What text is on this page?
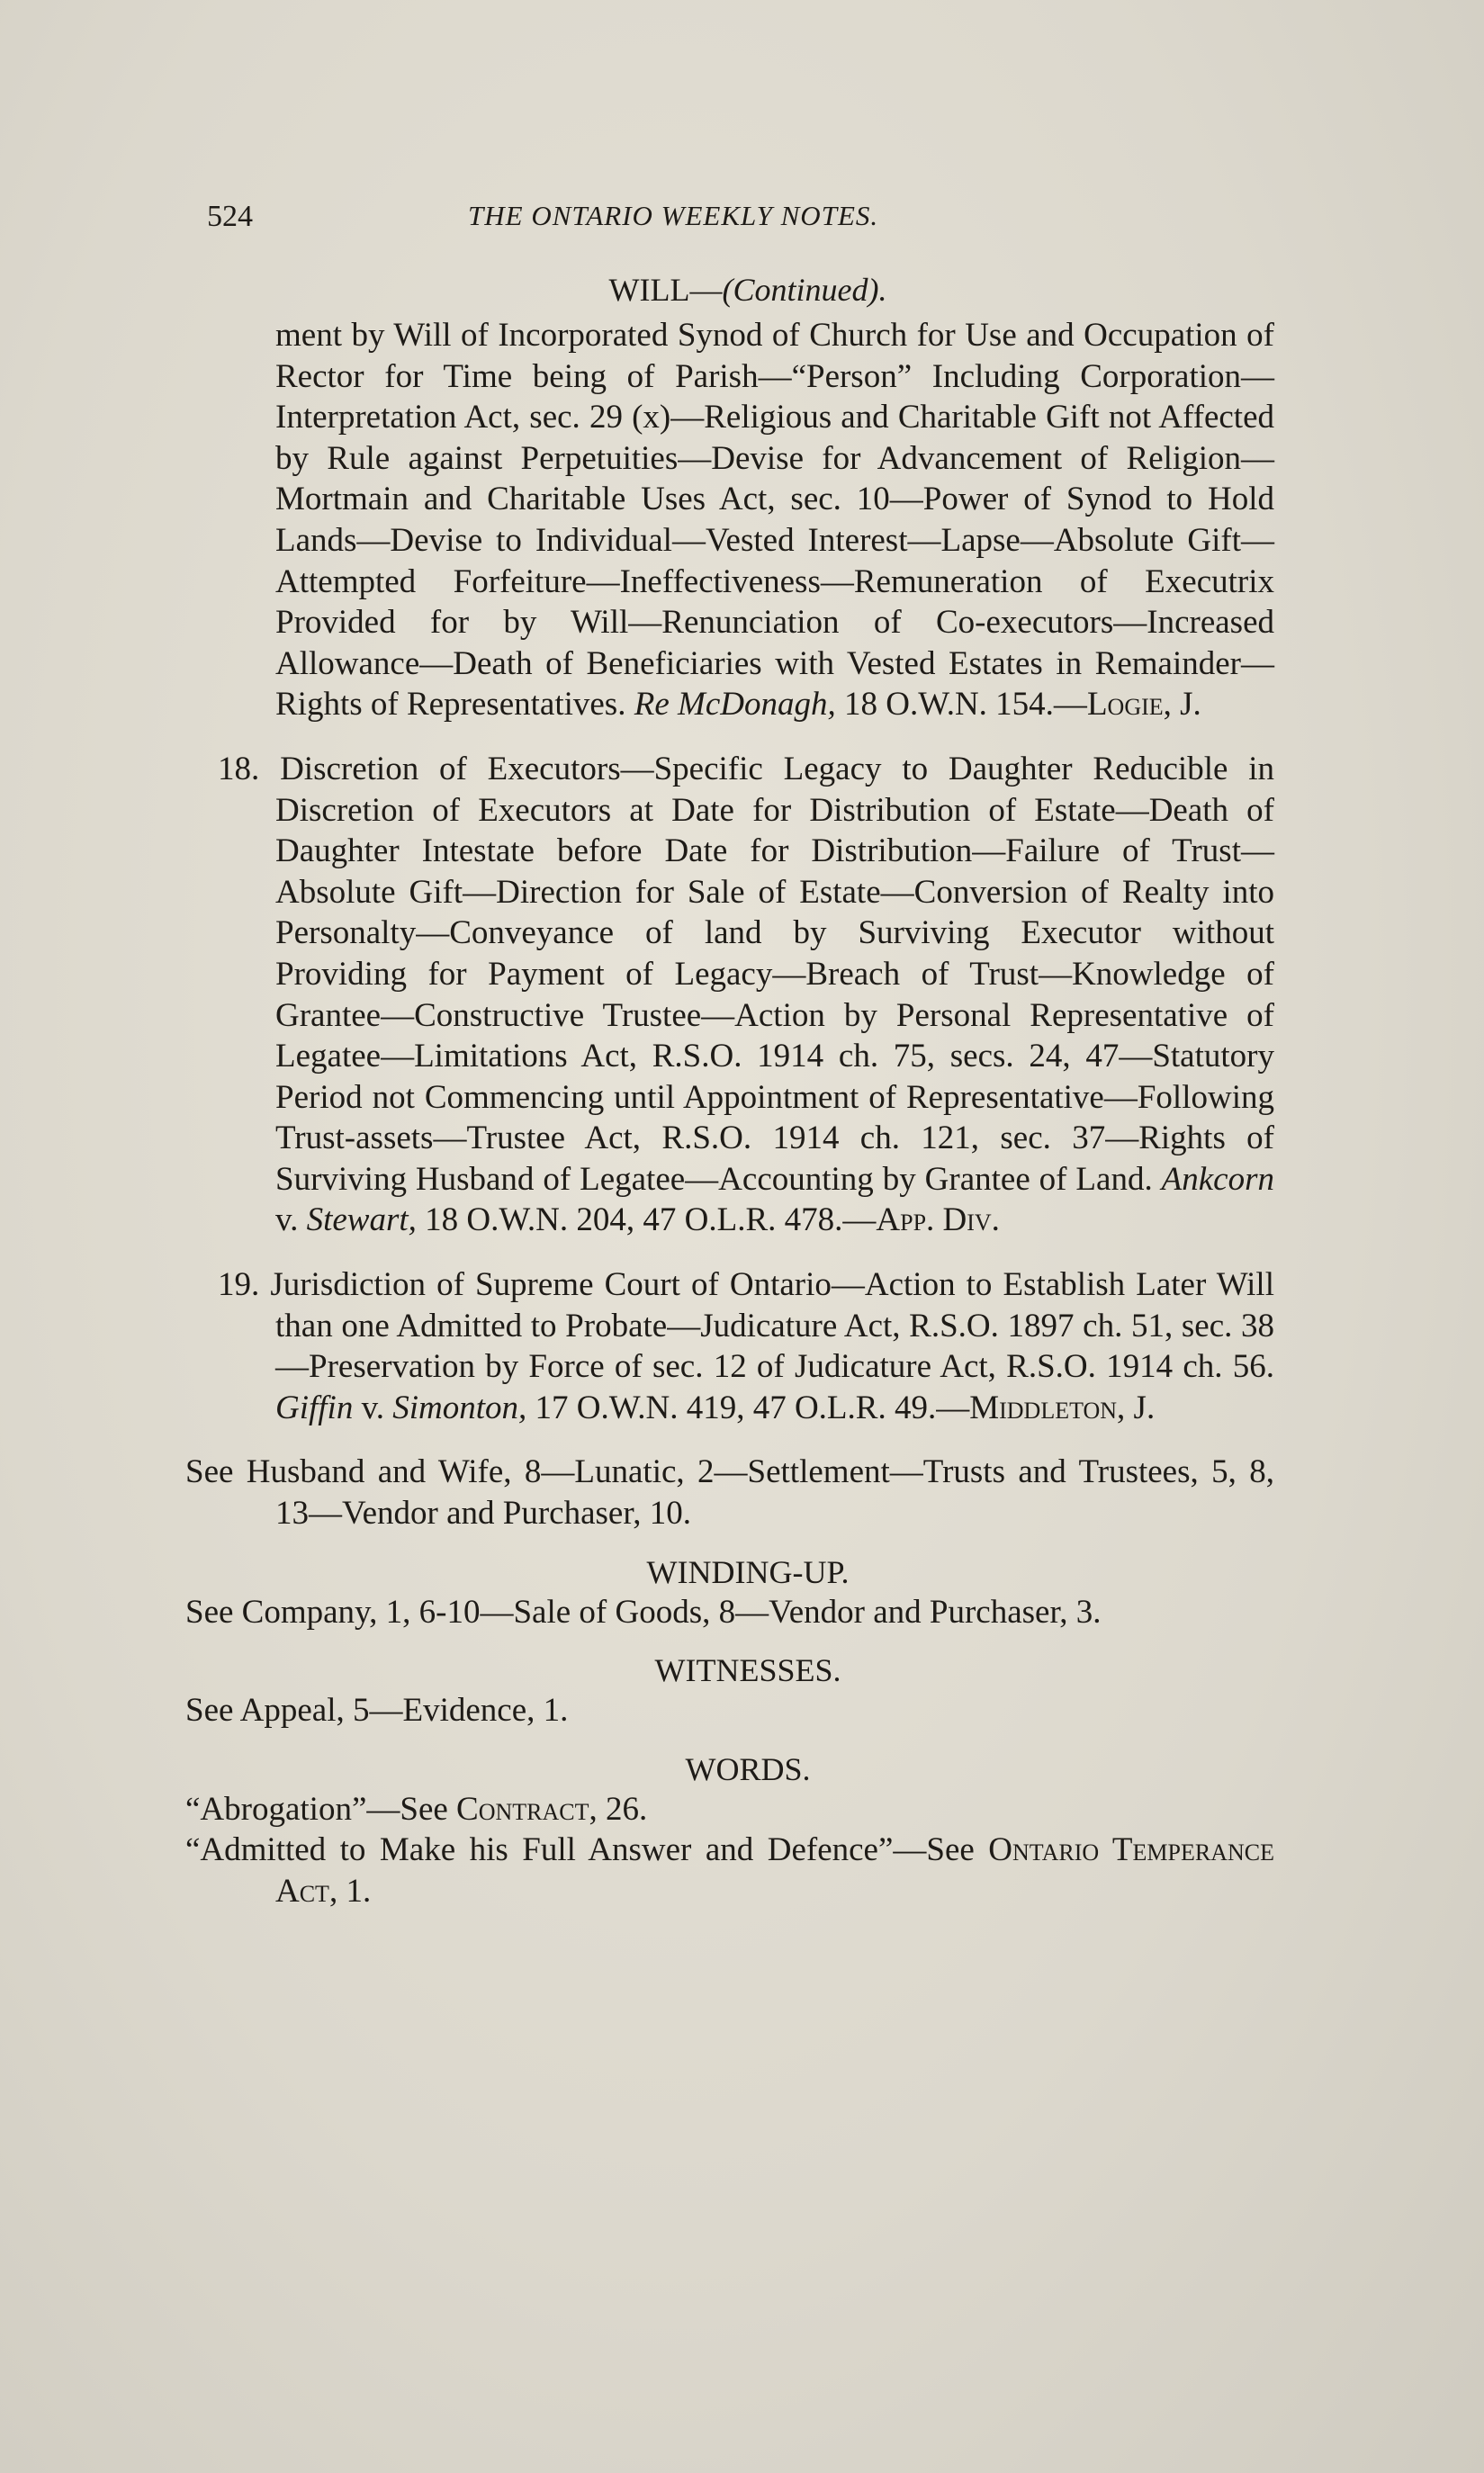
524	THE ONTARIO WEEKLY NOTES.

WILL—(Continued).

ment by Will of Incorporated Synod of Church for Use and Occupation of Rector for Time being of Parish—“Person” Including Corporation—Interpretation Act, sec. 29 (x)—Religious and Charitable Gift not Affected by Rule against Perpetuities—Devise for Advancement of Religion—Mortmain and Charitable Uses Act, sec. 10—Power of Synod to Hold Lands—Devise to Individual—Vested Interest—Lapse—Absolute Gift—Attempted Forfeiture—Ineffectiveness—Remuneration of Executrix Provided for by Will—Renunciation of Co-executors—Increased Allowance—Death of Beneficiaries with Vested Estates in Remainder—Rights of Representatives. Re McDonagh, 18 O.W.N. 154.—Logie, J.

18. Discretion of Executors—Specific Legacy to Daughter Reducible in Discretion of Executors at Date for Distribution of Estate—Death of Daughter Intestate before Date for Distribution—Failure of Trust—Absolute Gift—Direction for Sale of Estate—Conversion of Realty into Personalty—Conveyance of land by Surviving Executor without Providing for Payment of Legacy—Breach of Trust—Knowledge of Grantee—Constructive Trustee—Action by Personal Representative of Legatee—Limitations Act, R.S.O. 1914 ch. 75, secs. 24, 47—Statutory Period not Commencing until Appointment of Representative—Following Trust-assets—Trustee Act, R.S.O. 1914 ch. 121, sec. 37—Rights of Surviving Husband of Legatee—Accounting by Grantee of Land. Ankcorn v. Stewart, 18 O.W.N. 204, 47 O.L.R. 478.—App. Div.

19. Jurisdiction of Supreme Court of Ontario—Action to Establish Later Will than one Admitted to Probate—Judicature Act, R.S.O. 1897 ch. 51, sec. 38—Preservation by Force of sec. 12 of Judicature Act, R.S.O. 1914 ch. 56. Giffin v. Simonton, 17 O.W.N. 419, 47 O.L.R. 49.—Middleton, J.

See Husband and Wife, 8—Lunatic, 2—Settlement—Trusts and Trustees, 5, 8, 13—Vendor and Purchaser, 10.

WINDING-UP.

See Company, 1, 6-10—Sale of Goods, 8—Vendor and Purchaser, 3.

WITNESSES.

See Appeal, 5—Evidence, 1.

WORDS.

“Abrogation”—See Contract, 26.

“Admitted to Make his Full Answer and Defence”—See Ontario Temperance Act, 1.
